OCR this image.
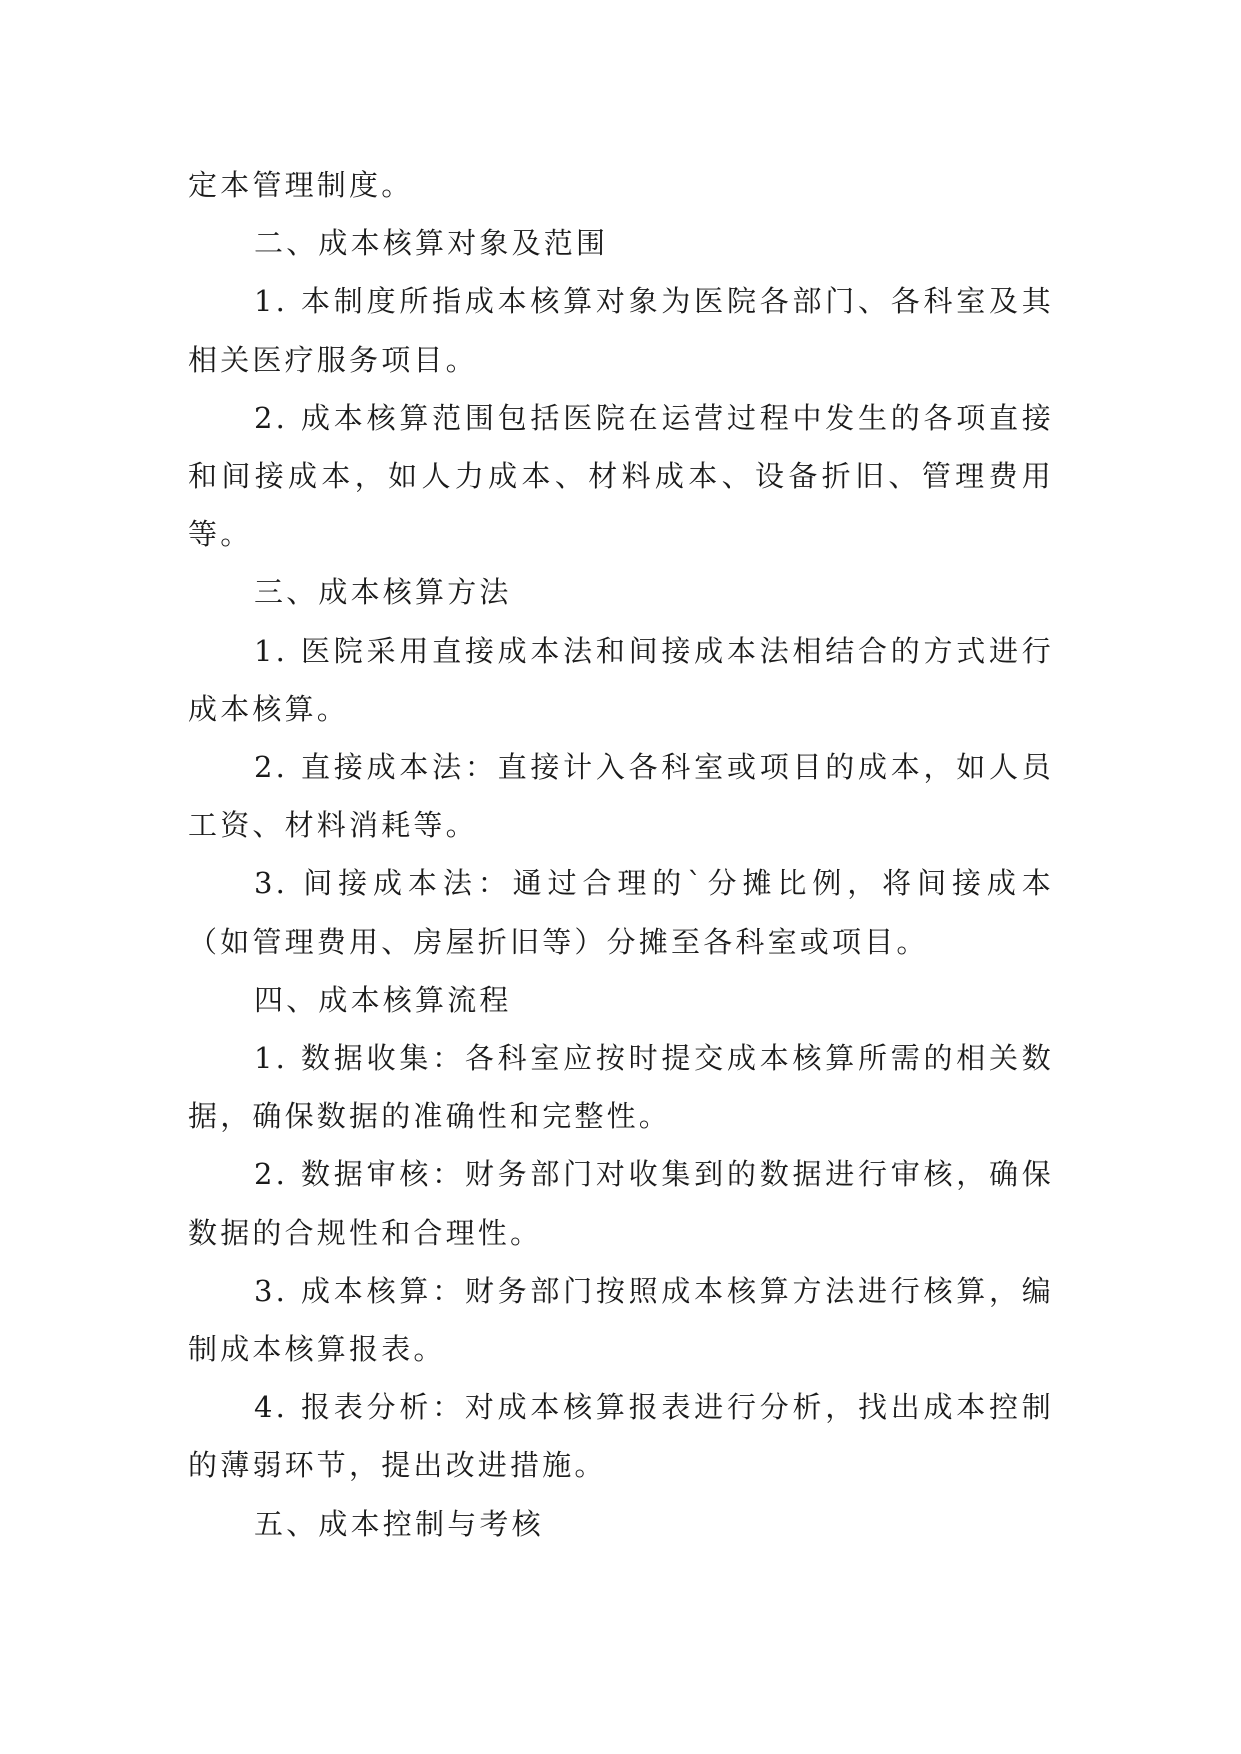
定本管理制度。

二、成本核算对象及范围

1. 本制度所指成本核算对象为医院各部门、各科室及其相关医疗服务项目。

2. 成本核算范围包括医院在运营过程中发生的各项直接和间接成本，如人力成本、材料成本、设备折旧、管理费用等。

三、成本核算方法

1. 医院采用直接成本法和间接成本法相结合的方式进行成本核算。

2. 直接成本法：直接计入各科室或项目的成本，如人员工资、材料消耗等。

3. 间接成本法：通过合理的`分摊比例，将间接成本（如管理费用、房屋折旧等）分摊至各科室或项目。

四、成本核算流程

1. 数据收集：各科室应按时提交成本核算所需的相关数据，确保数据的准确性和完整性。

2. 数据审核：财务部门对收集到的数据进行审核，确保数据的合规性和合理性。

3. 成本核算：财务部门按照成本核算方法进行核算，编制成本核算报表。

4. 报表分析：对成本核算报表进行分析，找出成本控制的薄弱环节，提出改进措施。

五、成本控制与考核
